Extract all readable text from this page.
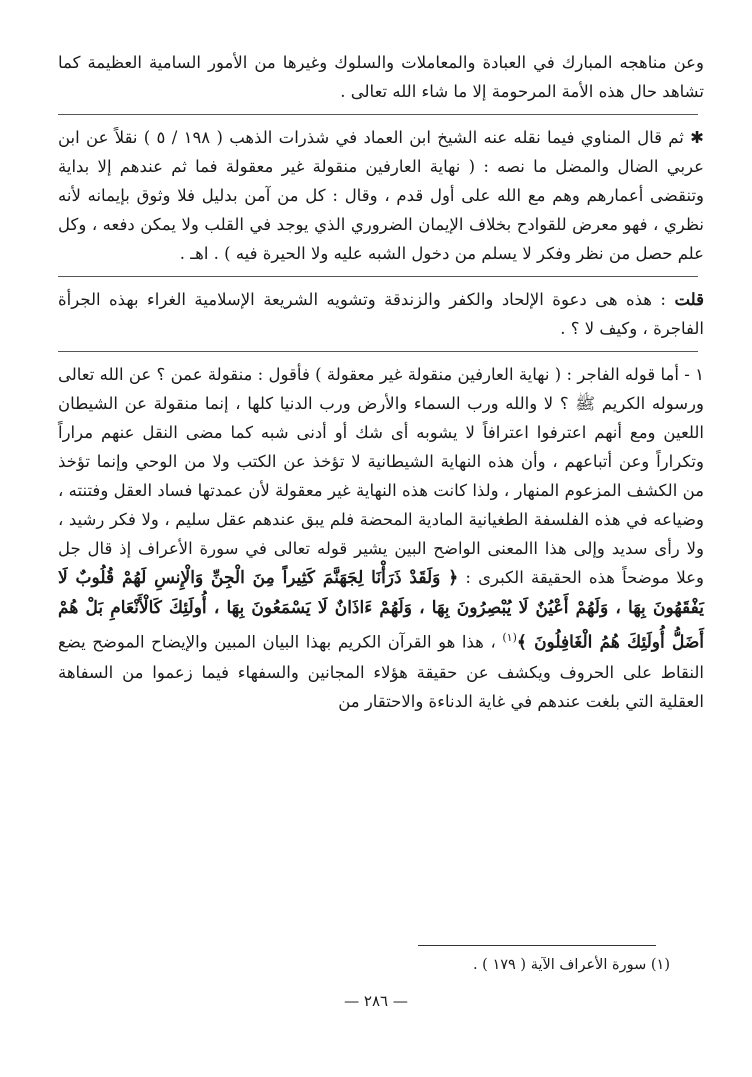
وعن مناهجه المبارك في العبادة والمعاملات والسلوك وغيرها من الأمور السامية العظيمة كما تشاهد حال هذه الأمة المرحومة إلا ما شاء الله تعالى .

✱ ثم قال المناوي فيما نقله عنه الشيخ ابن العماد في شذرات الذهب ( ١٩٨ / ٥ ) نقلاً عن ابن عربي الضال والمضل ما نصه : ( نهاية العارفين منقولة غير معقولة فما ثم عندهم إلا بداية وتنقضى أعمارهم وهم مع الله على أول قدم ، وقال : كل من آمن بدليل فلا وثوق بإيمانه لأنه نظري ، فهو معرض للقوادح بخلاف الإيمان الضروري الذي يوجد في القلب ولا يمكن دفعه ، وكل علم حصل من نظر وفكر لا يسلم من دخول الشبه عليه ولا الحيرة فيه ) . اهـ .

قلت : هذه هى دعوة الإلحاد والكفر والزندقة وتشويه الشريعة الإسلامية الغراء بهذه الجرأة الفاجرة ، وكيف لا ؟ .

١ - أما قوله الفاجر : ( نهاية العارفين منقولة غير معقولة ) فأقول : منقولة عمن ؟ عن الله تعالى ورسوله الكريم ﷺ ؟ لا والله ورب السماء والأرض ورب الدنيا كلها ، إنما منقولة عن الشيطان اللعين ومع أنهم اعترفوا اعترافاً لا يشوبه أى شك أو أدنى شبه كما مضى النقل عنهم مراراً وتكراراً وعن أتباعهم ، وأن هذه النهاية الشيطانية لا تؤخذ عن الكتب ولا من الوحي وإنما تؤخذ من الكشف المزعوم المنهار ، ولذا كانت هذه النهاية غير معقولة لأن عمدتها فساد العقل وفتنته ، وضياعه في هذه الفلسفة الطغيانية المادية المحضة فلم يبق عندهم عقل سليم ، ولا فكر رشيد ، ولا رأى سديد وإلى هذا االمعنى الواضح البين يشير قوله تعالى في سورة الأعراف إذ قال جل وعلا موضحاً هذه الحقيقة الكبرى : ﴿ وَلَقَدْ ذَرَأْنَا لِجَهَنَّمَ كَثِيراً مِنَ الْجِنِّ وَالْإِنسِ لَهُمْ قُلُوبٌ لَا يَفْقَهُونَ بِهَا ، وَلَهُمْ أَعْيُنٌ لَا يُبْصِرُونَ بِهَا ، وَلَهُمْ ءَاذَانٌ لَا يَسْمَعُونَ بِهَا ، أُولَئِكَ كَالْأَنْعَامِ بَلْ هُمْ أَضَلُّ أُولَئِكَ هُمُ الْغَافِلُونَ ﴾$^{(١)}$ ، هذا هو القرآن الكريم بهذا البيان المبين والإيضاح الموضح يضع النقاط على الحروف ويكشف عن حقيقة هؤلاء المجانين والسفهاء فيما زعموا من السفاهة العقلية التي بلغت عندهم في غاية الدناءة والاحتقار من

(١) سورة الأعراف الآية ( ١٧٩ ) .
— ٢٨٦ —
